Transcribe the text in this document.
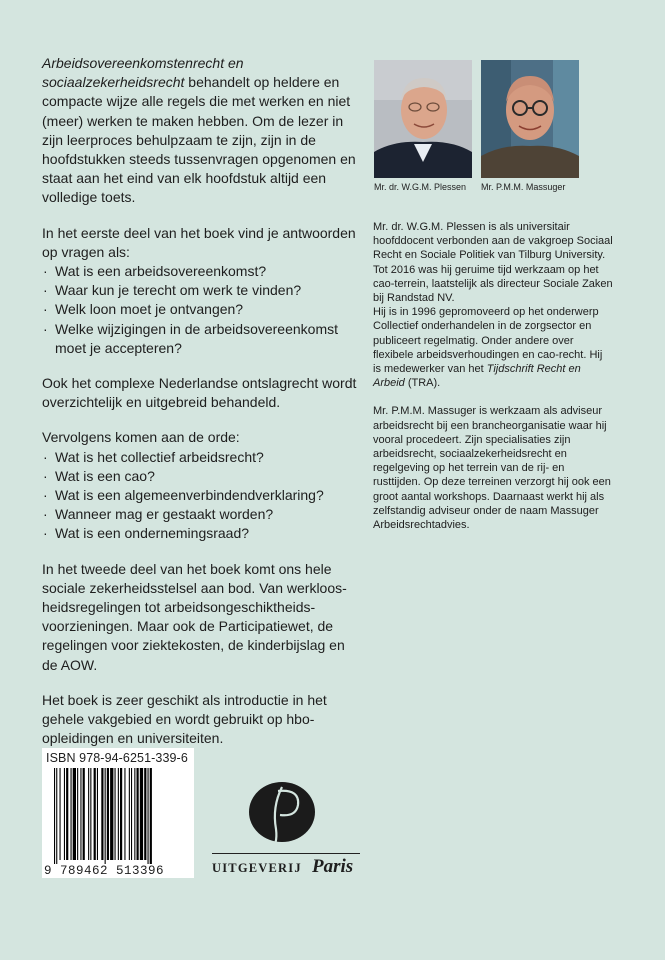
Arbeidsovereenkomstenrecht en sociaalzekerheidsrecht behandelt op heldere en compacte wijze alle regels die met werken en niet (meer) werken te maken hebben. Om de lezer in zijn leerproces behulpzaam te zijn, zijn in de hoofdstukken steeds tussenvragen opgenomen en staat aan het eind van elk hoofdstuk altijd een volledige toets.

In het eerste deel van het boek vind je antwoorden op vragen als:

· Wat is een arbeidsovereenkomst?
· Waar kun je terecht om werk te vinden?
· Welk loon moet je ontvangen?
· Welke wijzigingen in de arbeidsovereenkomst moet je accepteren?

Ook het complexe Nederlandse ontslagrecht wordt overzichtelijk en uitgebreid behandeld.

Vervolgens komen aan de orde:

· Wat is het collectief arbeidsrecht?
· Wat is een cao?
· Wat is een algemeenverbindendverklaring?
· Wanneer mag er gestaakt worden?
· Wat is een ondernemingsraad?

In het tweede deel van het boek komt ons hele sociale zekerheidsstelsel aan bod. Van werkloos-heidsregelingen tot arbeidsongeschiktheids-voorzieningen. Maar ook de Participatiewet, de regelingen voor ziektekosten, de kinderbijslag en de AOW.

Het boek is zeer geschikt als introductie in het gehele vakgebied en wordt gebruikt op hbo-opleidingen en universiteiten.

Mr. dr. W.G.M. Plessen Mr. P.M.M. Massuger

Mr. dr. W.G.M. Plessen is als universitair hoofddocent verbonden aan de vakgroep Sociaal Recht en Sociale Politiek van Tilburg University. Tot 2016 was hij geruime tijd werkzaam op het cao-terrein, laatstelijk als directeur Sociale Zaken bij Randstad NV.

Hij is in 1996 gepromoveerd op het onderwerp Collectief onderhandelen in de zorgsector en publiceert regelmatig. Onder andere over flexibele arbeidsverhoudingen en cao-recht. Hij is medewerker van het Tijdschrift Recht en Arbeid (TRA).

Mr. P.M.M. Massuger is werkzaam als adviseur arbeidsrecht bij een brancheorganisatie waar hij vooral procedeert. Zijn specialisaties zijn arbeidsrecht, sociaalzekerheidsrecht en regelgeving op het terrein van de rij- en rusttijden. Op deze terreinen verzorgt hij ook een groot aantal workshops. Daarnaast werkt hij als zelfstandig adviseur onder de naam Massuger Arbeidsrechtadvies.

ISBN 978-94-6251-339-6
9 789462 513396	UITGEVERIJ Paris
